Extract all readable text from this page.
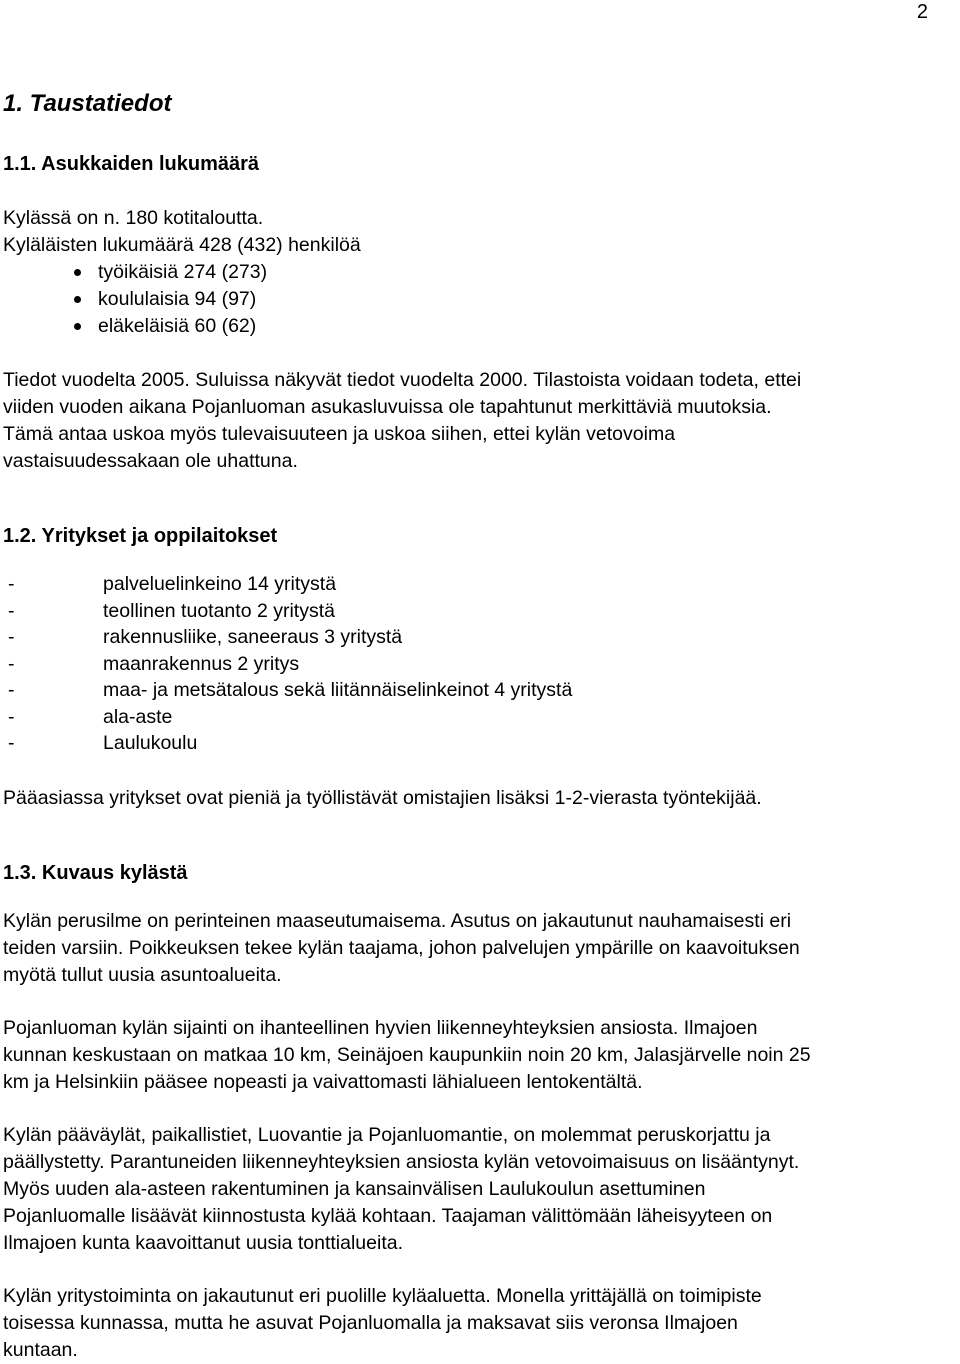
2
1. Taustatiedot
1.1. Asukkaiden lukumäärä

Kylässä on n. 180 kotitaloutta.

Kyläläisten lukumäärä 428 (432) henkilöä

työikäisiä 274 (273)
koululaisia 94 (97)
eläkeläisiä 60 (62)

Tiedot vuodelta 2005. Suluissa näkyvät tiedot vuodelta 2000. Tilastoista voidaan todeta, ettei

viiden vuoden aikana Pojanluoman asukasluvuissa ole tapahtunut merkittäviä muutoksia.

Tämä antaa uskoa myös tulevaisuuteen ja uskoa siihen, ettei kylän vetovoima

vastaisuudessakaan ole uhattuna.

1.2. Yritykset ja oppilaitokset
-	palveluelinkeino 14 yritystä
-	teollinen tuotanto 2 yritystä
-	rakennusliike, saneeraus 3 yritystä
-	maanrakennus 2 yritys
-	maa- ja metsätalous sekä liitännäiselinkeinot 4 yritystä
-	ala-aste
-	Laulukoulu

Pääasiassa yritykset ovat pieniä ja työllistävät omistajien lisäksi 1-2-vierasta työntekijää.

1.3. Kuvaus kylästä

Kylän perusilme on perinteinen maaseutumaisema. Asutus on jakautunut nauhamaisesti eri

teiden varsiin. Poikkeuksen tekee kylän taajama, johon palvelujen ympärille on kaavoituksen

myötä tullut uusia asuntoalueita.

Pojanluoman kylän sijainti on ihanteellinen hyvien liikenneyhteyksien ansiosta. Ilmajoen

kunnan keskustaan on matkaa 10 km, Seinäjoen kaupunkiin noin 20 km, Jalasjärvelle noin 25

km ja Helsinkiin pääsee nopeasti ja vaivattomasti lähialueen lentokentältä.

Kylän pääväylät, paikallistiet, Luovantie ja Pojanluomantie, on molemmat peruskorjattu ja

päällystetty. Parantuneiden liikenneyhteyksien ansiosta kylän vetovoimaisuus on lisääntynyt.

Myös uuden ala-asteen rakentuminen ja kansainvälisen Laulukoulun asettuminen

Pojanluomalle lisäävät kiinnostusta kylää kohtaan. Taajaman välittömään läheisyyteen on

Ilmajoen kunta kaavoittanut uusia tonttialueita.

Kylän yritystoiminta on jakautunut eri puolille kyläaluetta. Monella yrittäjällä on toimipiste

toisessa kunnassa, mutta he asuvat Pojanluomalla ja maksavat siis veronsa Ilmajoen

kuntaan.
